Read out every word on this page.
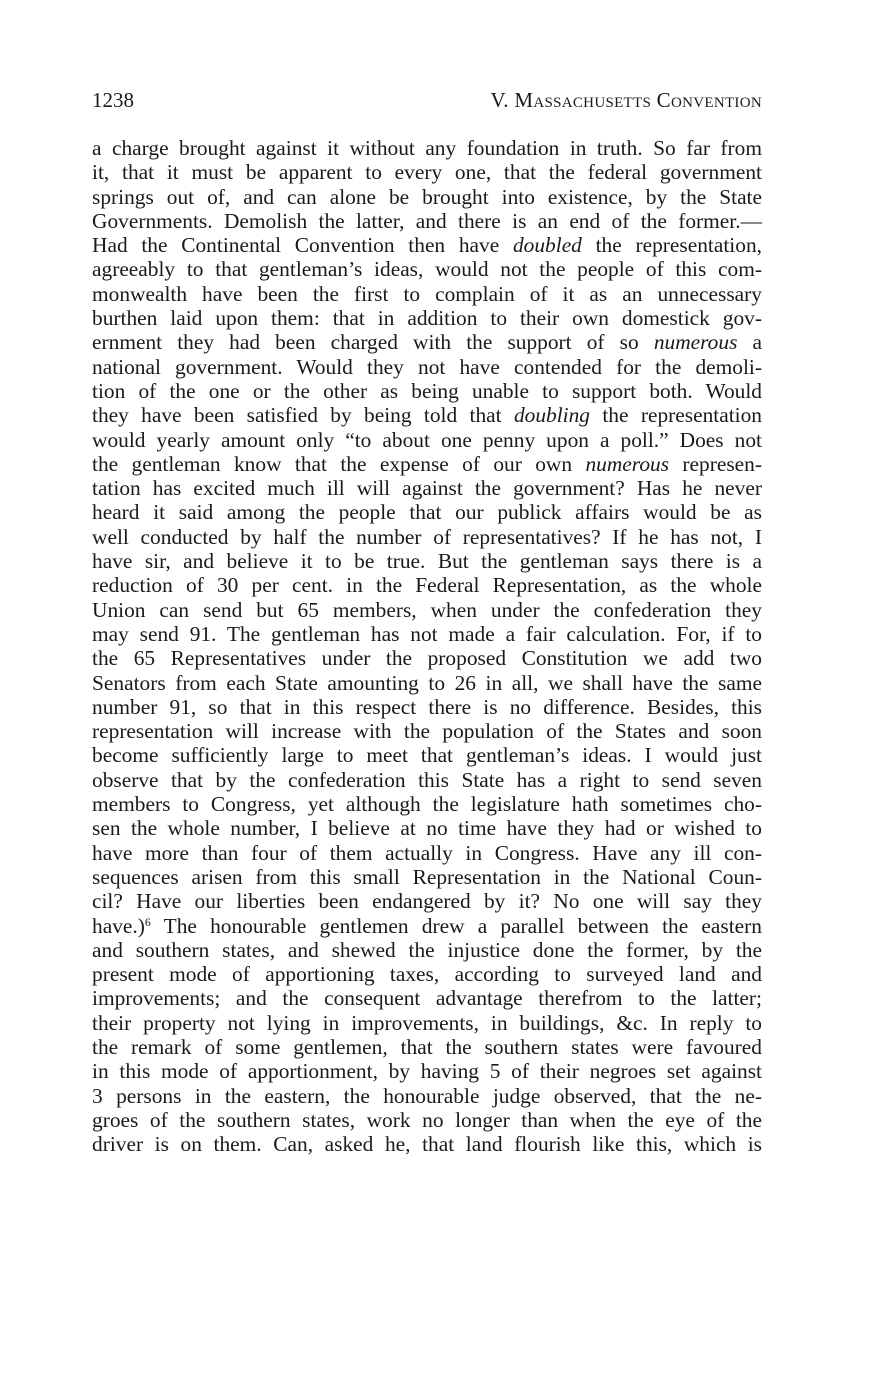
1238	V. Massachusetts Convention
a charge brought against it without any foundation in truth. So far from
it, that it must be apparent to every one, that the federal government
springs out of, and can alone be brought into existence, by the State
Governments. Demolish the latter, and there is an end of the former.—
Had the Continental Convention then have doubled the representation,
agreeably to that gentleman’s ideas, would not the people of this com-
monwealth have been the first to complain of it as an unnecessary
burthen laid upon them: that in addition to their own domestick gov-
ernment they had been charged with the support of so numerous a
national government. Would they not have contended for the demoli-
tion of the one or the other as being unable to support both. Would
they have been satisfied by being told that doubling the representation
would yearly amount only “to about one penny upon a poll.” Does not
the gentleman know that the expense of our own numerous represen-
tation has excited much ill will against the government? Has he never
heard it said among the people that our publick affairs would be as
well conducted by half the number of representatives? If he has not, I
have sir, and believe it to be true. But the gentleman says there is a
reduction of 30 per cent. in the Federal Representation, as the whole
Union can send but 65 members, when under the confederation they
may send 91. The gentleman has not made a fair calculation. For, if to
the 65 Representatives under the proposed Constitution we add two
Senators from each State amounting to 26 in all, we shall have the same
number 91, so that in this respect there is no difference. Besides, this
representation will increase with the population of the States and soon
become sufficiently large to meet that gentleman’s ideas. I would just
observe that by the confederation this State has a right to send seven
members to Congress, yet although the legislature hath sometimes cho-
sen the whole number, I believe at no time have they had or wished to
have more than four of them actually in Congress. Have any ill con-
sequences arisen from this small Representation in the National Coun-
cil? Have our liberties been endangered by it? No one will say they
have.)$^6$ The honourable gentlemen drew a parallel between the eastern
and southern states, and shewed the injustice done the former, by the
present mode of apportioning taxes, according to surveyed land and
improvements; and the consequent advantage therefrom to the latter;
their property not lying in improvements, in buildings, &c. In reply to
the remark of some gentlemen, that the southern states were favoured
in this mode of apportionment, by having 5 of their negroes set against
3 persons in the eastern, the honourable judge observed, that the ne-
groes of the southern states, work no longer than when the eye of the
driver is on them. Can, asked he, that land flourish like this, which is
